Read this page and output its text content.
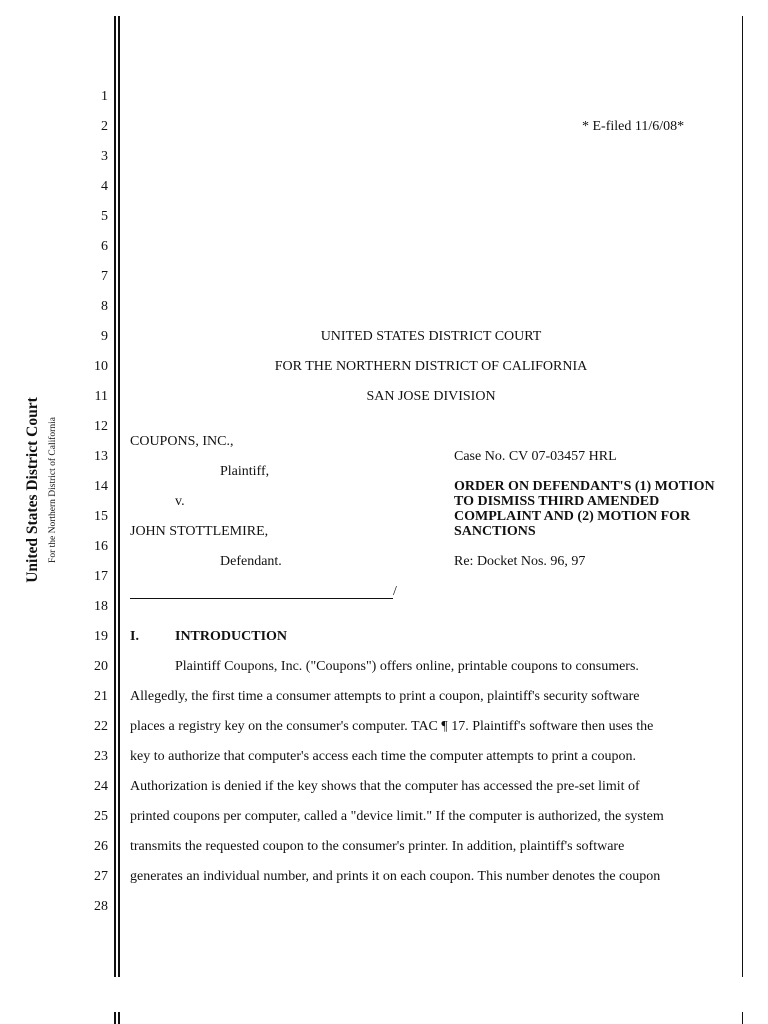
United States District Court For the Northern District of California
1
2
3
4
5
6
7
8
9
10
11
12
13
14
15
16
17
18
19
20
21
22
23
24
25
26
27
28
* E-filed 11/6/08*
UNITED STATES DISTRICT COURT
FOR THE NORTHERN DISTRICT OF CALIFORNIA
SAN JOSE DIVISION
COUPONS, INC.,
Plaintiff,
v.
JOHN STOTTLEMIRE,
Defendant.
/
Case No. CV 07-03457 HRL
ORDER ON DEFENDANT'S (1) MOTION
TO DISMISS THIRD AMENDED
COMPLAINT AND (2) MOTION FOR
SANCTIONS
Re: Docket Nos. 96, 97
I.	INTRODUCTION
Plaintiff Coupons, Inc. ("Coupons") offers online, printable coupons to consumers.
Allegedly, the first time a consumer attempts to print a coupon, plaintiff's security software
places a registry key on the consumer's computer. TAC ¶ 17. Plaintiff's software then uses the
key to authorize that computer's access each time the computer attempts to print a coupon.
Authorization is denied if the key shows that the computer has accessed the pre-set limit of
printed coupons per computer, called a "device limit." If the computer is authorized, the system
transmits the requested coupon to the consumer's printer. In addition, plaintiff's software
generates an individual number, and prints it on each coupon. This number denotes the coupon
